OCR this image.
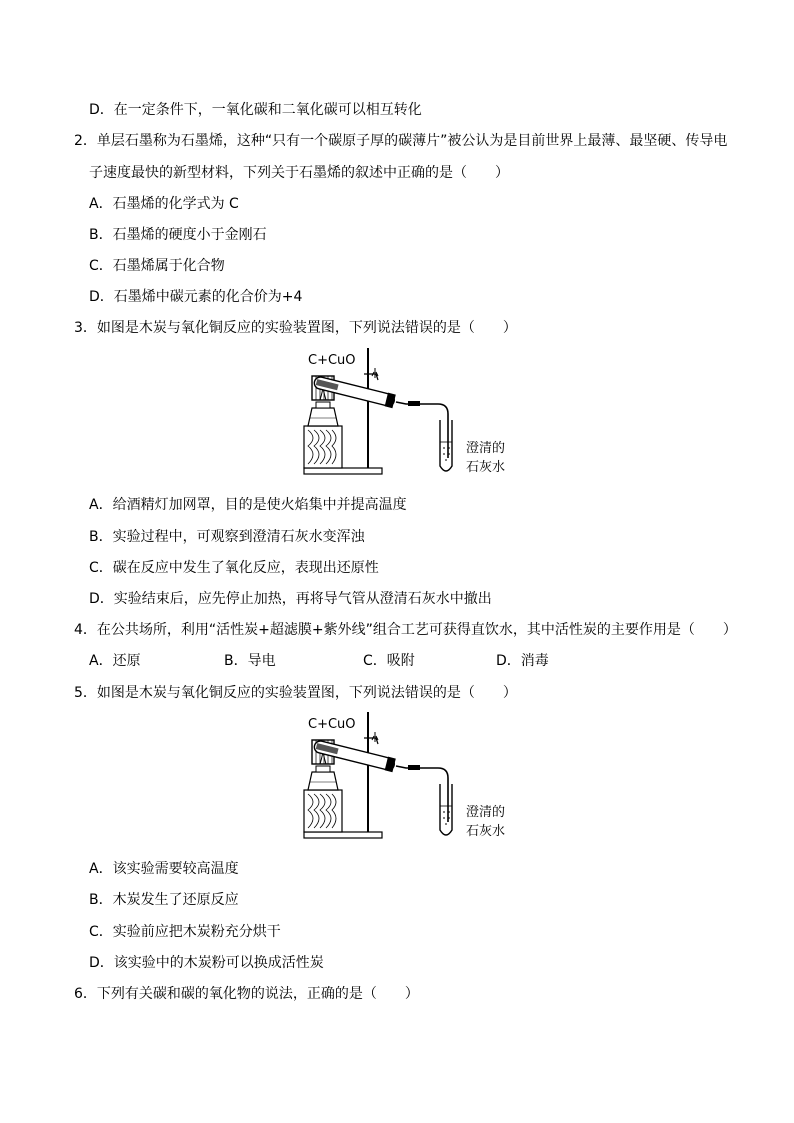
D．在一定条件下，一氧化碳和二氧化碳可以相互转化
2．单层石墨称为石墨烯，这种“只有一个碳原子厚的碳薄片”被公认为是目前世界上最薄、最坚硬、传导电
子速度最快的新型材料，下列关于石墨烯的叙述中正确的是（　　）
A．石墨烯的化学式为 C
B．石墨烯的硬度小于金刚石
C．石墨烯属于化合物
D．石墨烯中碳元素的化合价为+4
3．如图是木炭与氧化铜反应的实验装置图，下列说法错误的是（　　）
C+CuO
澄清的
石灰水
A．给酒精灯加网罩，目的是使火焰集中并提高温度
B．实验过程中，可观察到澄清石灰水变浑浊
C．碳在反应中发生了氧化反应，表现出还原性
D．实验结束后，应先停止加热，再将导气管从澄清石灰水中撤出
4．在公共场所，利用“活性炭+超滤膜+紫外线”组合工艺可获得直饮水，其中活性炭的主要作用是（　　）
A．还原	B．导电	C．吸附	D．消毒
5．如图是木炭与氧化铜反应的实验装置图，下列说法错误的是（　　）
C+CuO
澄清的
石灰水
A．该实验需要较高温度
B．木炭发生了还原反应
C．实验前应把木炭粉充分烘干
D．该实验中的木炭粉可以换成活性炭
6．下列有关碳和碳的氧化物的说法，正确的是（　　）
